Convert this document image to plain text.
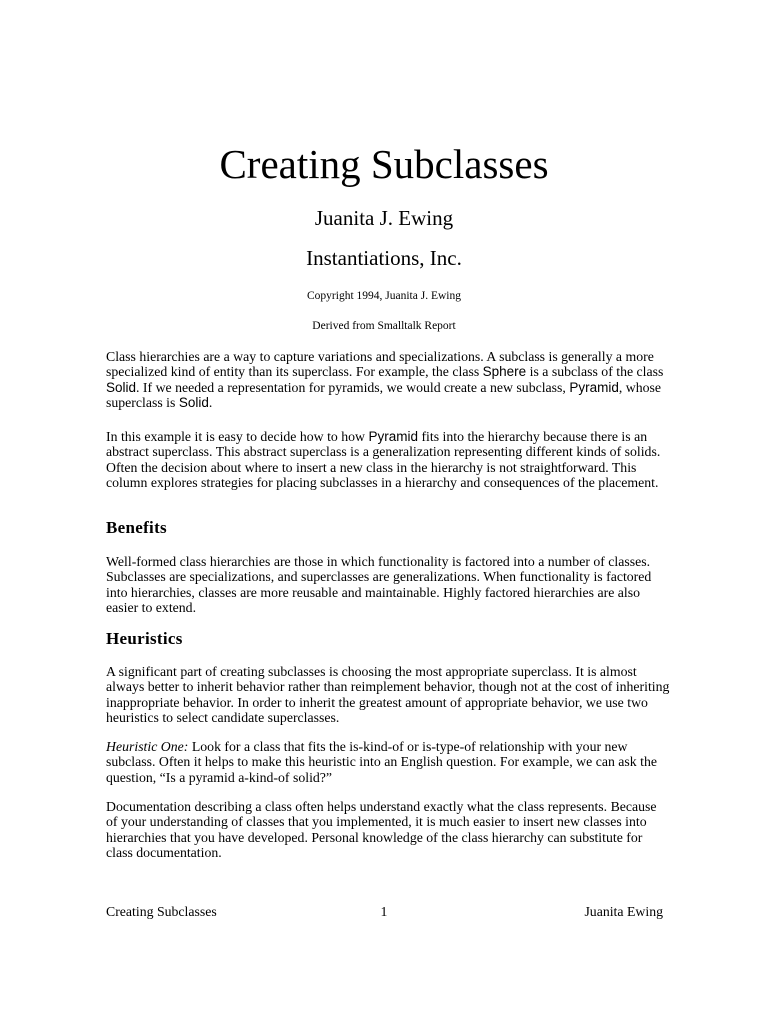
Creating Subclasses
Juanita J. Ewing
Instantiations, Inc.
Copyright 1994, Juanita J. Ewing
Derived from Smalltalk Report

Class hierarchies are a way to capture variations and specializations. A subclass is generally a more specialized kind of entity than its superclass. For example, the class Sphere is a subclass of the class Solid. If we needed a representation for pyramids, we would create a new subclass, Pyramid, whose superclass is Solid.

In this example it is easy to decide how to how Pyramid fits into the hierarchy because there is an abstract superclass. This abstract superclass is a generalization representing different kinds of solids. Often the decision about where to insert a new class in the hierarchy is not straightforward. This column explores strategies for placing subclasses in a hierarchy and consequences of the placement.

Benefits

Well-formed class hierarchies are those in which functionality is factored into a number of classes. Subclasses are specializations, and superclasses are generalizations. When functionality is factored into hierarchies, classes are more reusable and maintainable. Highly factored hierarchies are also easier to extend.

Heuristics

A significant part of creating subclasses is choosing the most appropriate superclass. It is almost always better to inherit behavior rather than reimplement behavior, though not at the cost of inheriting inappropriate behavior. In order to inherit the greatest amount of appropriate behavior, we use two heuristics to select candidate superclasses.

Heuristic One: Look for a class that fits the is-kind-of or is-type-of relationship with your new subclass. Often it helps to make this heuristic into an English question. For example, we can ask the question, “Is a pyramid a-kind-of solid?”

Documentation describing a class often helps understand exactly what the class represents. Because of your understanding of classes that you implemented, it is much easier to insert new classes into hierarchies that you have developed. Personal knowledge of the class hierarchy can substitute for class documentation.

Creating Subclasses	1	Juanita Ewing
